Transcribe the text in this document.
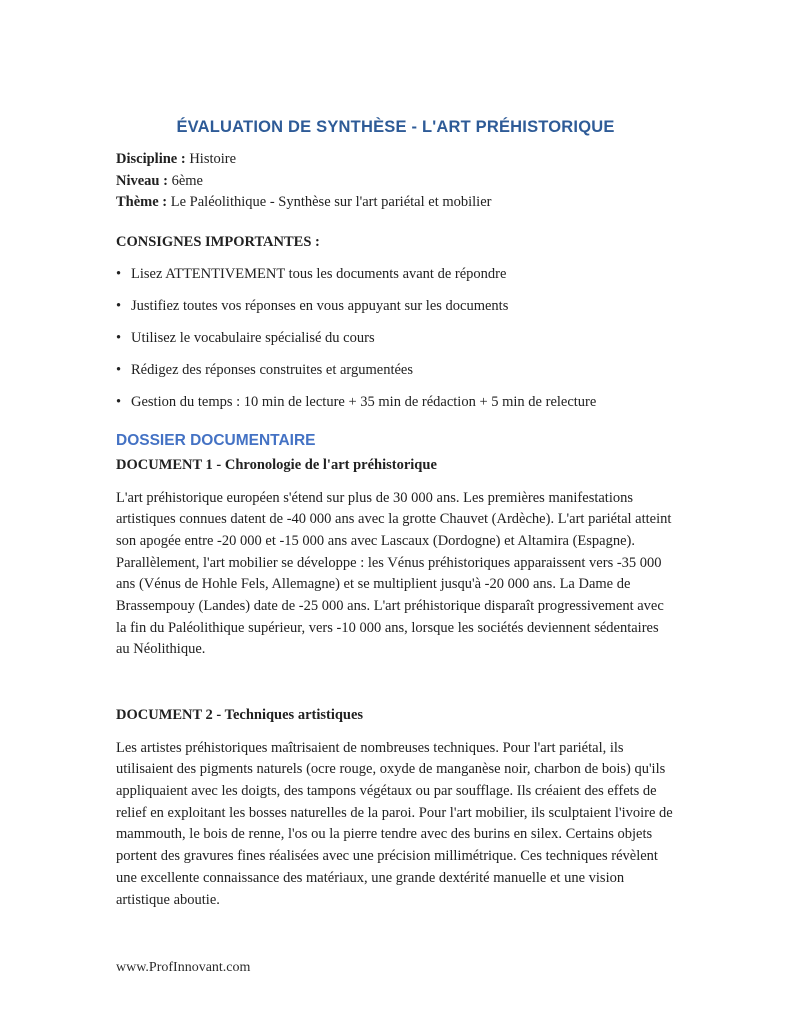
ÉVALUATION DE SYNTHÈSE - L'ART PRÉHISTORIQUE
Discipline : Histoire
Niveau : 6ème
Thème : Le Paléolithique - Synthèse sur l'art pariétal et mobilier
CONSIGNES IMPORTANTES :
• Lisez ATTENTIVEMENT tous les documents avant de répondre
• Justifiez toutes vos réponses en vous appuyant sur les documents
• Utilisez le vocabulaire spécialisé du cours
• Rédigez des réponses construites et argumentées
• Gestion du temps : 10 min de lecture + 35 min de rédaction + 5 min de relecture
DOSSIER DOCUMENTAIRE
DOCUMENT 1 - Chronologie de l'art préhistorique

L'art préhistorique européen s'étend sur plus de 30 000 ans. Les premières manifestations artistiques connues datent de -40 000 ans avec la grotte Chauvet (Ardèche). L'art pariétal atteint son apogée entre -20 000 et -15 000 ans avec Lascaux (Dordogne) et Altamira (Espagne). Parallèlement, l'art mobilier se développe : les Vénus préhistoriques apparaissent vers -35 000 ans (Vénus de Hohle Fels, Allemagne) et se multiplient jusqu'à -20 000 ans. La Dame de Brassempouy (Landes) date de -25 000 ans. L'art préhistorique disparaît progressivement avec la fin du Paléolithique supérieur, vers -10 000 ans, lorsque les sociétés deviennent sédentaires au Néolithique.

DOCUMENT 2 - Techniques artistiques

Les artistes préhistoriques maîtrisaient de nombreuses techniques. Pour l'art pariétal, ils utilisaient des pigments naturels (ocre rouge, oxyde de manganèse noir, charbon de bois) qu'ils appliquaient avec les doigts, des tampons végétaux ou par soufflage. Ils créaient des effets de relief en exploitant les bosses naturelles de la paroi. Pour l'art mobilier, ils sculptaient l'ivoire de mammouth, le bois de renne, l'os ou la pierre tendre avec des burins en silex. Certains objets portent des gravures fines réalisées avec une précision millimétrique. Ces techniques révèlent une excellente connaissance des matériaux, une grande dextérité manuelle et une vision artistique aboutie.

www.ProfInnovant.com
